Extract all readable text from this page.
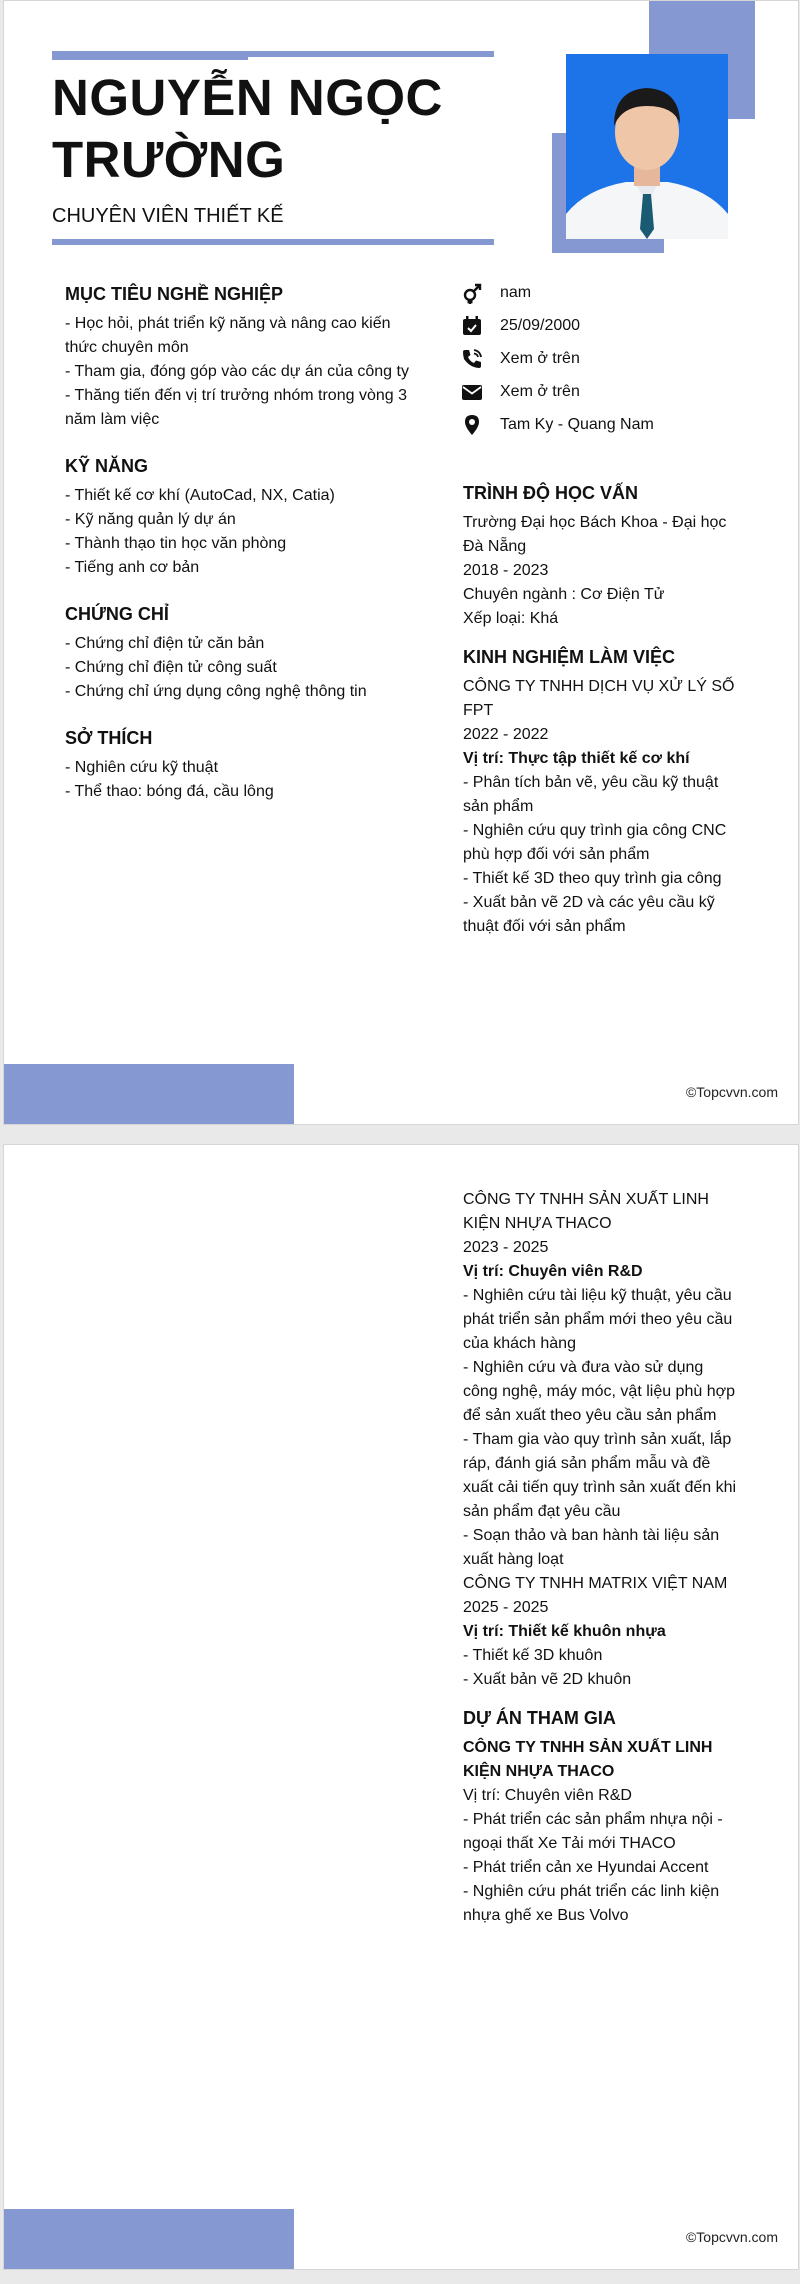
NGUYỄN NGỌC TRƯỜNG
CHUYÊN VIÊN THIẾT KẾ
nam
25/09/2000
Xem ở trên
Xem ở trên
Tam Ky - Quang Nam
MỤC TIÊU NGHỀ NGHIỆP
- Học hỏi, phát triển kỹ năng và nâng cao kiến thức chuyên môn
- Tham gia, đóng góp vào các dự án của công ty
- Thăng tiến đến vị trí trưởng nhóm trong vòng 3 năm làm việc
KỸ NĂNG
- Thiết kế cơ khí (AutoCad, NX, Catia)
- Kỹ năng quản lý dự án
- Thành thạo tin học văn phòng
- Tiếng anh cơ bản
CHỨNG CHỈ
- Chứng chỉ điện tử căn bản
- Chứng chỉ điện tử công suất
- Chứng chỉ ứng dụng công nghệ thông tin
SỞ THÍCH
- Nghiên cứu kỹ thuật
- Thể thao: bóng đá, cầu lông
TRÌNH ĐỘ HỌC VẤN
Trường Đại học Bách Khoa - Đại học Đà Nẵng
2018 - 2023
Chuyên ngành : Cơ Điện Tử
Xếp loại: Khá
KINH NGHIỆM LÀM VIỆC
CÔNG TY TNHH DỊCH VỤ XỬ LÝ SỐ FPT
2022 - 2022
Vị trí: Thực tập thiết kế cơ khí
- Phân tích bản vẽ, yêu cầu kỹ thuật sản phẩm
- Nghiên cứu quy trình gia công CNC phù hợp đối với sản phẩm
- Thiết kế 3D theo quy trình gia công
- Xuất bản vẽ 2D và các yêu cầu kỹ thuật đối với sản phẩm
©Topcvvn.com
CÔNG TY TNHH SẢN XUẤT LINH KIỆN NHỰA THACO
2023 - 2025
Vị trí: Chuyên viên R&D
- Nghiên cứu tài liệu kỹ thuật, yêu cầu phát triển sản phẩm mới theo yêu cầu của khách hàng
- Nghiên cứu và đưa vào sử dụng công nghệ, máy móc, vật liệu phù hợp để sản xuất theo yêu cầu sản phẩm
- Tham gia vào quy trình sản xuất, lắp ráp, đánh giá sản phẩm mẫu và đề xuất cải tiến quy trình sản xuất đến khi sản phẩm đạt yêu cầu
- Soạn thảo và ban hành tài liệu sản xuất hàng loạt
CÔNG TY TNHH MATRIX VIỆT NAM
2025 - 2025
Vị trí: Thiết kế khuôn nhựa
- Thiết kế 3D khuôn
- Xuất bản vẽ 2D khuôn
DỰ ÁN THAM GIA
CÔNG TY TNHH SẢN XUẤT LINH KIỆN NHỰA THACO
Vị trí: Chuyên viên R&D
- Phát triển các sản phẩm nhựa nội - ngoại thất Xe Tải mới THACO
- Phát triển cản xe Hyundai Accent
- Nghiên cứu phát triển các linh kiện nhựa ghế xe Bus Volvo
©Topcvvn.com
